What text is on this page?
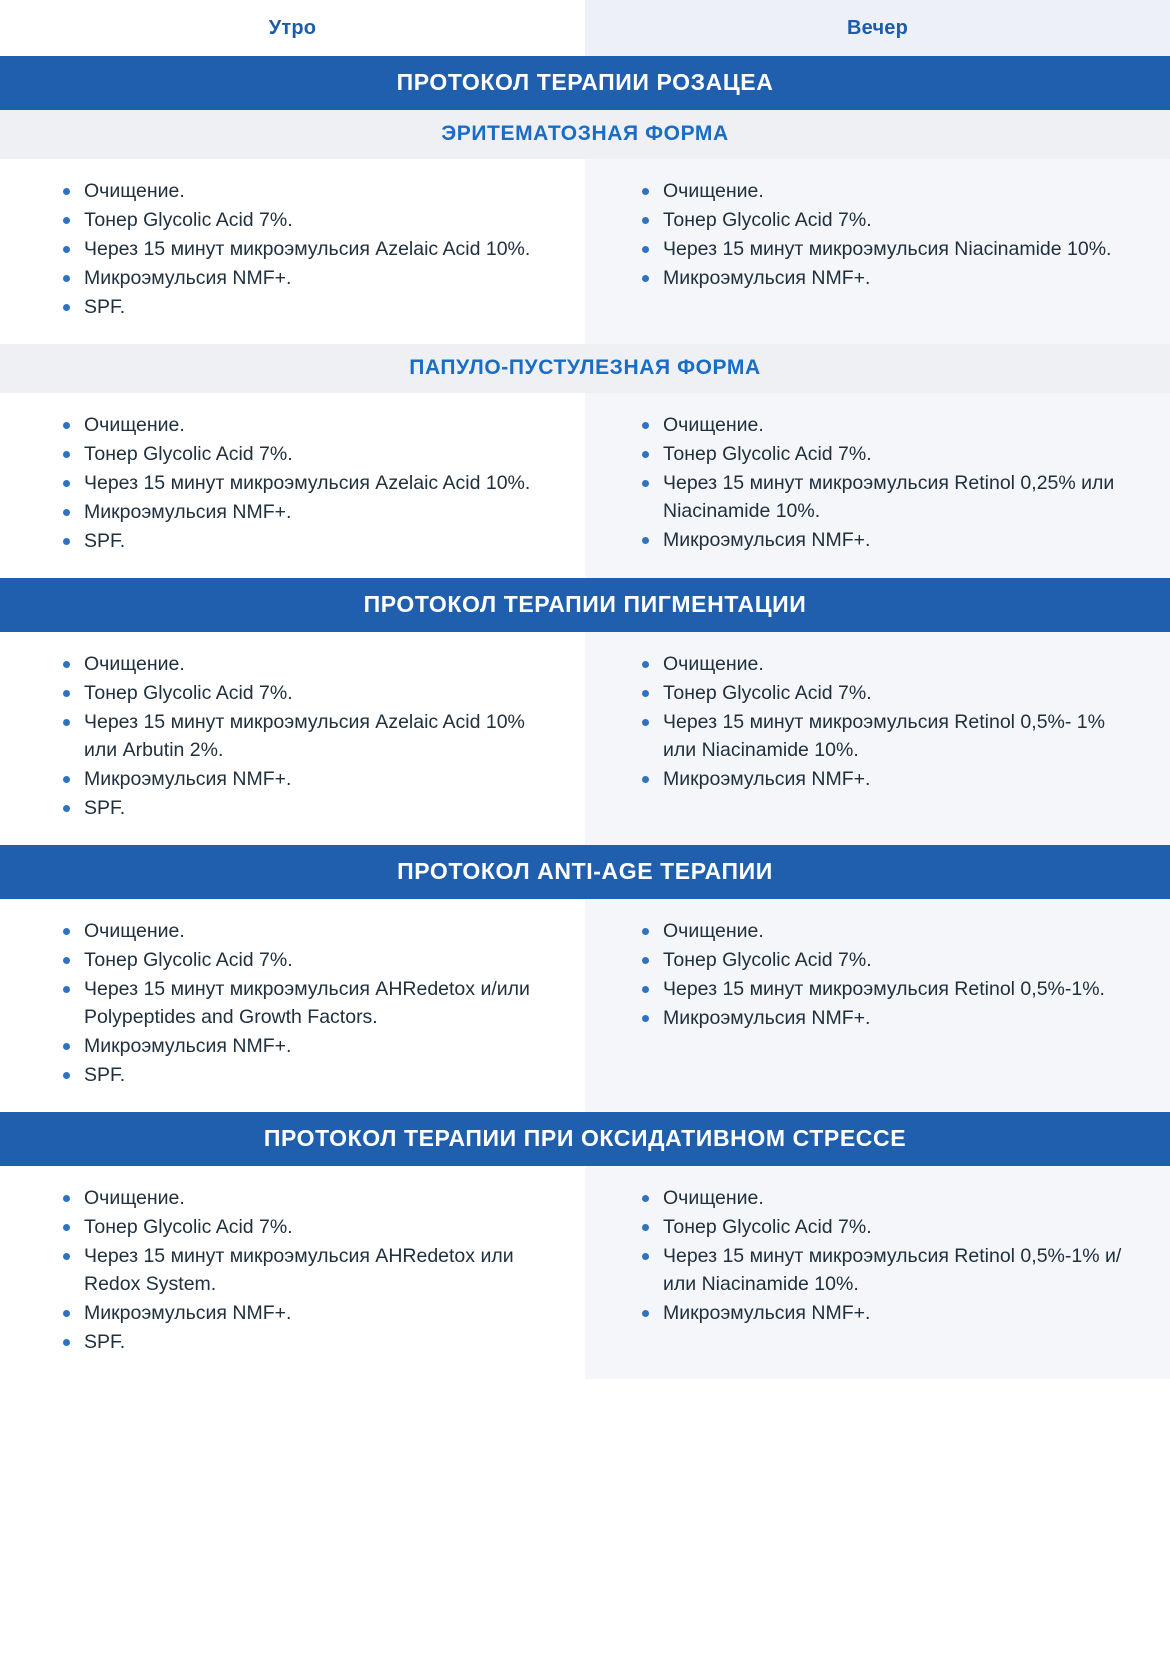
Утро	Вечер
ПРОТОКОЛ ТЕРАПИИ РОЗАЦЕА
ЭРИТЕМАТОЗНАЯ ФОРМА
Очищение.
Тонер Glycolic Acid 7%.
Через 15 минут микроэмульсия Azelaic Acid 10%.
Микроэмульсия NMF+.
SPF.
Очищение.
Тонер Glycolic Acid 7%.
Через 15 минут микроэмульсия Niacinamide 10%.
Микроэмульсия NMF+.
ПАПУЛО-ПУСТУЛЕЗНАЯ ФОРМА
Очищение.
Тонер Glycolic Acid 7%.
Через 15 минут микроэмульсия Azelaic Acid 10%.
Микроэмульсия NMF+.
SPF.
Очищение.
Тонер Glycolic Acid 7%.
Через 15 минут микроэмульсия Retinol 0,25% или Niacinamide 10%.
Микроэмульсия NMF+.
ПРОТОКОЛ ТЕРАПИИ ПИГМЕНТАЦИИ
Очищение.
Тонер Glycolic Acid 7%.
Через 15 минут микроэмульсия Azelaic Acid 10% или Arbutin 2%.
Микроэмульсия NMF+.
SPF.
Очищение.
Тонер Glycolic Acid 7%.
Через 15 минут микроэмульсия Retinol 0,5%- 1% или Niacinamide 10%.
Микроэмульсия NMF+.
ПРОТОКОЛ ANTI-AGE ТЕРАПИИ
Очищение.
Тонер Glycolic Acid 7%.
Через 15 минут микроэмульсия AHRedetox и/или Polypeptides and Growth Factors.
Микроэмульсия NMF+.
SPF.
Очищение.
Тонер Glycolic Acid 7%.
Через 15 минут микроэмульсия Retinol 0,5%-1%.
Микроэмульсия NMF+.
ПРОТОКОЛ ТЕРАПИИ ПРИ ОКСИДАТИВНОМ СТРЕССЕ
Очищение.
Тонер Glycolic Acid 7%.
Через 15 минут микроэмульсия AHRedetox или Redox System.
Микроэмульсия NMF+.
SPF.
Очищение.
Тонер Glycolic Acid 7%.
Через 15 минут микроэмульсия Retinol 0,5%-1% и/или Niacinamide 10%.
Микроэмульсия NMF+.
